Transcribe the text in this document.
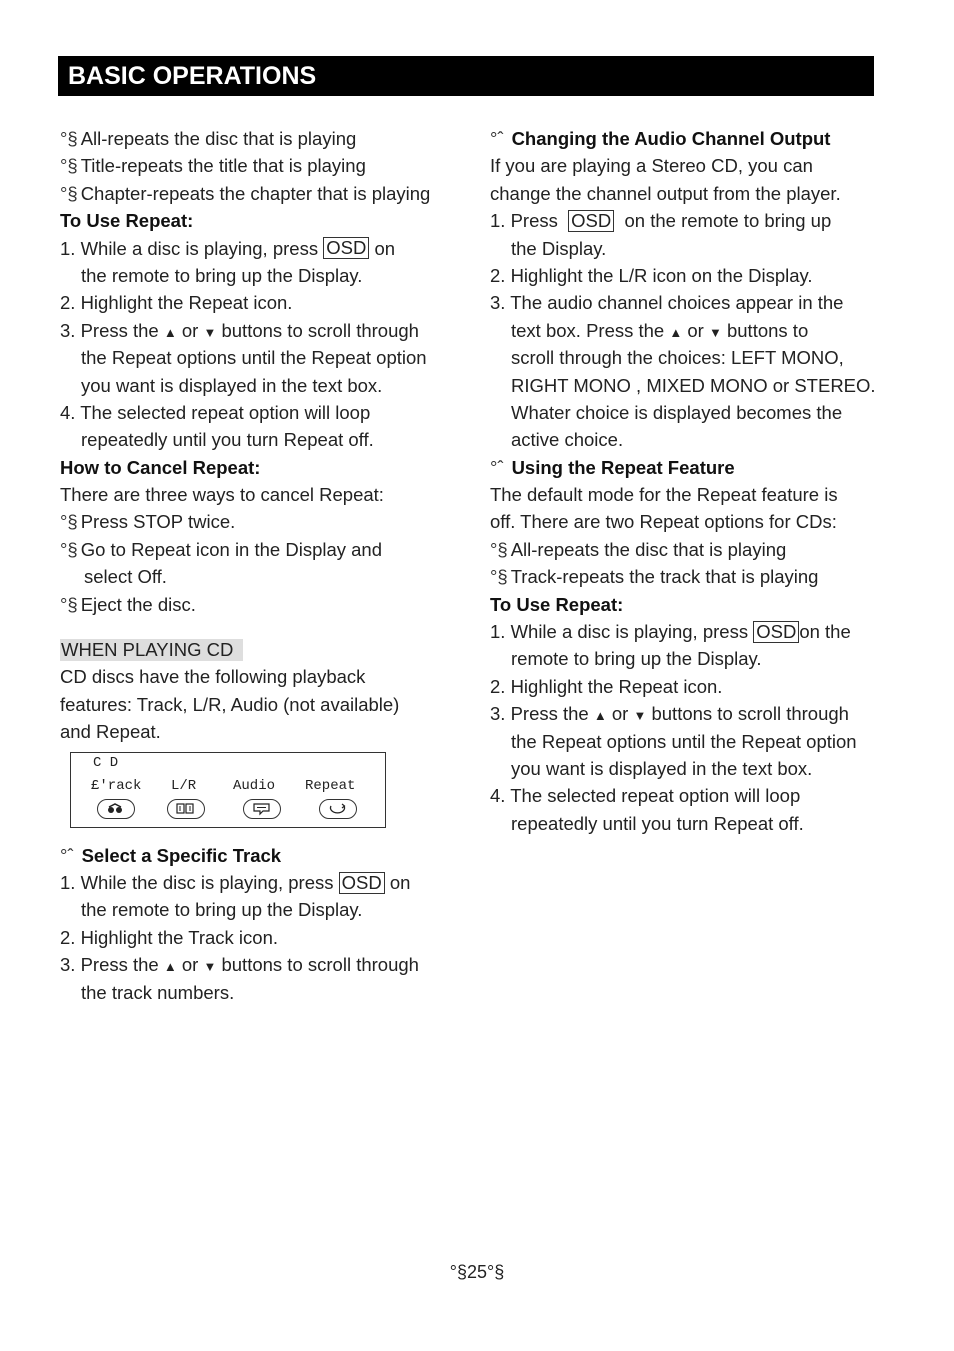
BASIC OPERATIONS
°§ All-repeats the disc that is playing
°§ Title-repeats the title that is playing
°§ Chapter-repeats the chapter that is playing
To Use Repeat:
1. While a disc is playing, press OSD on
the remote to bring up the Display.
2. Highlight the Repeat icon.
3. Press the ▲ or ▼ buttons to scroll through
the Repeat options until the Repeat option
you want is displayed in the text box.
4. The selected repeat option will loop
repeatedly until you turn Repeat off.
How to Cancel Repeat:
There are three ways to cancel Repeat:
°§ Press STOP twice.
°§ Go to Repeat icon in the Display and
select Off.
°§ Eject the disc.
WHEN PLAYING CD
CD discs have the following playback
features: Track, L/R, Audio (not available)
and Repeat.
C D
£'rack L/R	Audio Repeat
°ˆ Select a Specific Track
1. While the disc is playing, press OSD on
the remote to bring up the Display.
2. Highlight the Track icon.
3. Press the ▲ or ▼ buttons to scroll through
the track numbers.
°ˆ Changing the Audio Channel Output
If you are playing a Stereo CD, you can
change the channel output from the player.
1. Press OSD on the remote to bring up
the Display.
2. Highlight the L/R icon on the Display.
3. The audio channel choices appear in the
text box. Press the ▲ or ▼ buttons to
scroll through the choices: LEFT MONO,
RIGHT MONO , MIXED MONO or STEREO.
Whater choice is displayed becomes the
active choice.
°ˆ Using the Repeat Feature
The default mode for the Repeat feature is
off. There are two Repeat options for CDs:
°§ All-repeats the disc that is playing
°§ Track-repeats the track that is playing
To Use Repeat:
1. While a disc is playing, press OSD on the
remote to bring up the Display.
2. Highlight the Repeat icon.
3. Press the ▲ or ▼ buttons to scroll through
the Repeat options until the Repeat option
you want is displayed in the text box.
4. The selected repeat option will loop
repeatedly until you turn Repeat off.
°§25°§
